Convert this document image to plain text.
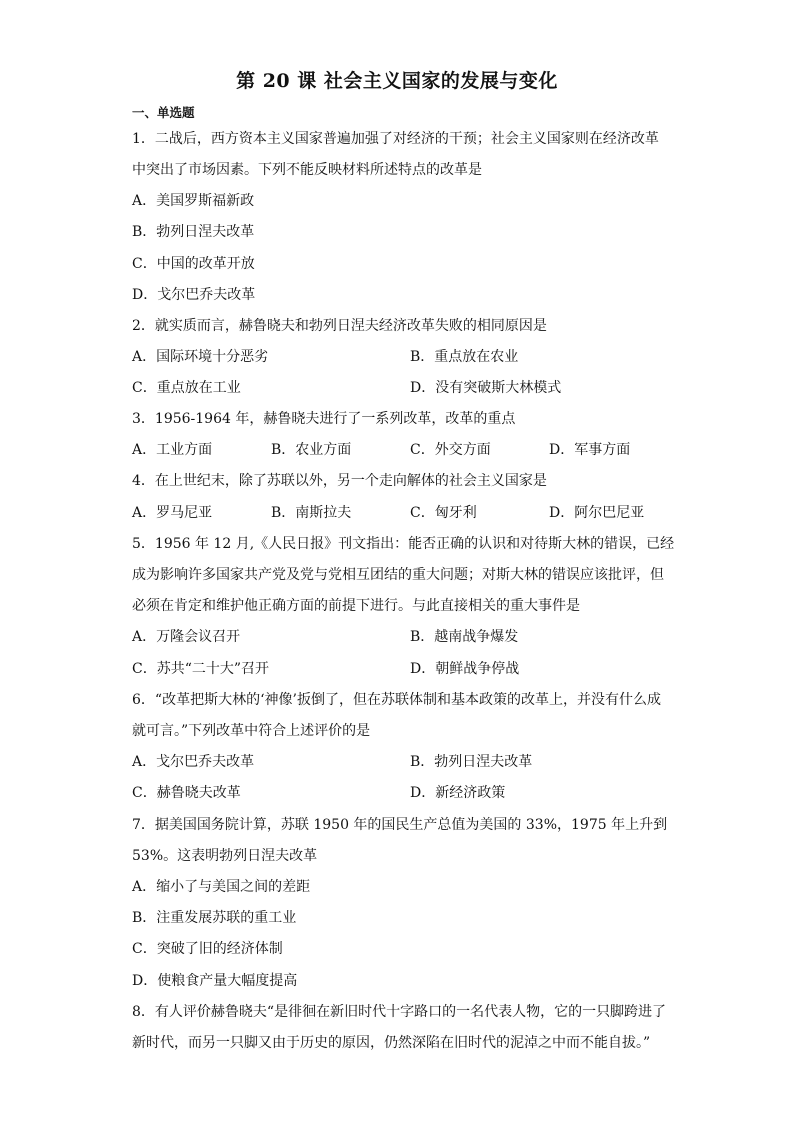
第 20 课 社会主义国家的发展与变化
一、单选题
1．二战后，西方资本主义国家普遍加强了对经济的干预；社会主义国家则在经济改革
中突出了市场因素。下列不能反映材料所述特点的改革是
A．美国罗斯福新政
B．勃列日涅夫改革
C．中国的改革开放
D．戈尔巴乔夫改革
2．就实质而言，赫鲁晓夫和勃列日涅夫经济改革失败的相同原因是
A．国际环境十分恶劣	B．重点放在农业
C．重点放在工业	D．没有突破斯大林模式
3．1956-1964 年，赫鲁晓夫进行了一系列改革，改革的重点
A．工业方面	B．农业方面	C．外交方面	D．军事方面
4．在上世纪末，除了苏联以外，另一个走向解体的社会主义国家是
A．罗马尼亚	B．南斯拉夫	C．匈牙利	D．阿尔巴尼亚
5．1956 年 12 月,《人民日报》刊文指出：能否正确的认识和对待斯大林的错误，已经
成为影响许多国家共产党及党与党相互团结的重大问题；对斯大林的错误应该批评，但
必须在肯定和维护他正确方面的前提下进行。与此直接相关的重大事件是
A．万隆会议召开	B．越南战争爆发
C．苏共“二十大”召开	D．朝鲜战争停战
6．“改革把斯大林的‘神像’扳倒了，但在苏联体制和基本政策的改革上，并没有什么成
就可言。”下列改革中符合上述评价的是
A．戈尔巴乔夫改革	B．勃列日涅夫改革
C．赫鲁晓夫改革	D．新经济政策
7．据美国国务院计算，苏联 1950 年的国民生产总值为美国的 33%，1975 年上升到
53%。这表明勃列日涅夫改革
A．缩小了与美国之间的差距
B．注重发展苏联的重工业
C．突破了旧的经济体制
D．使粮食产量大幅度提高
8．有人评价赫鲁晓夫“是徘徊在新旧时代十字路口的一名代表人物，它的一只脚跨进了
新时代，而另一只脚又由于历史的原因，仍然深陷在旧时代的泥淖之中而不能自拔。”
